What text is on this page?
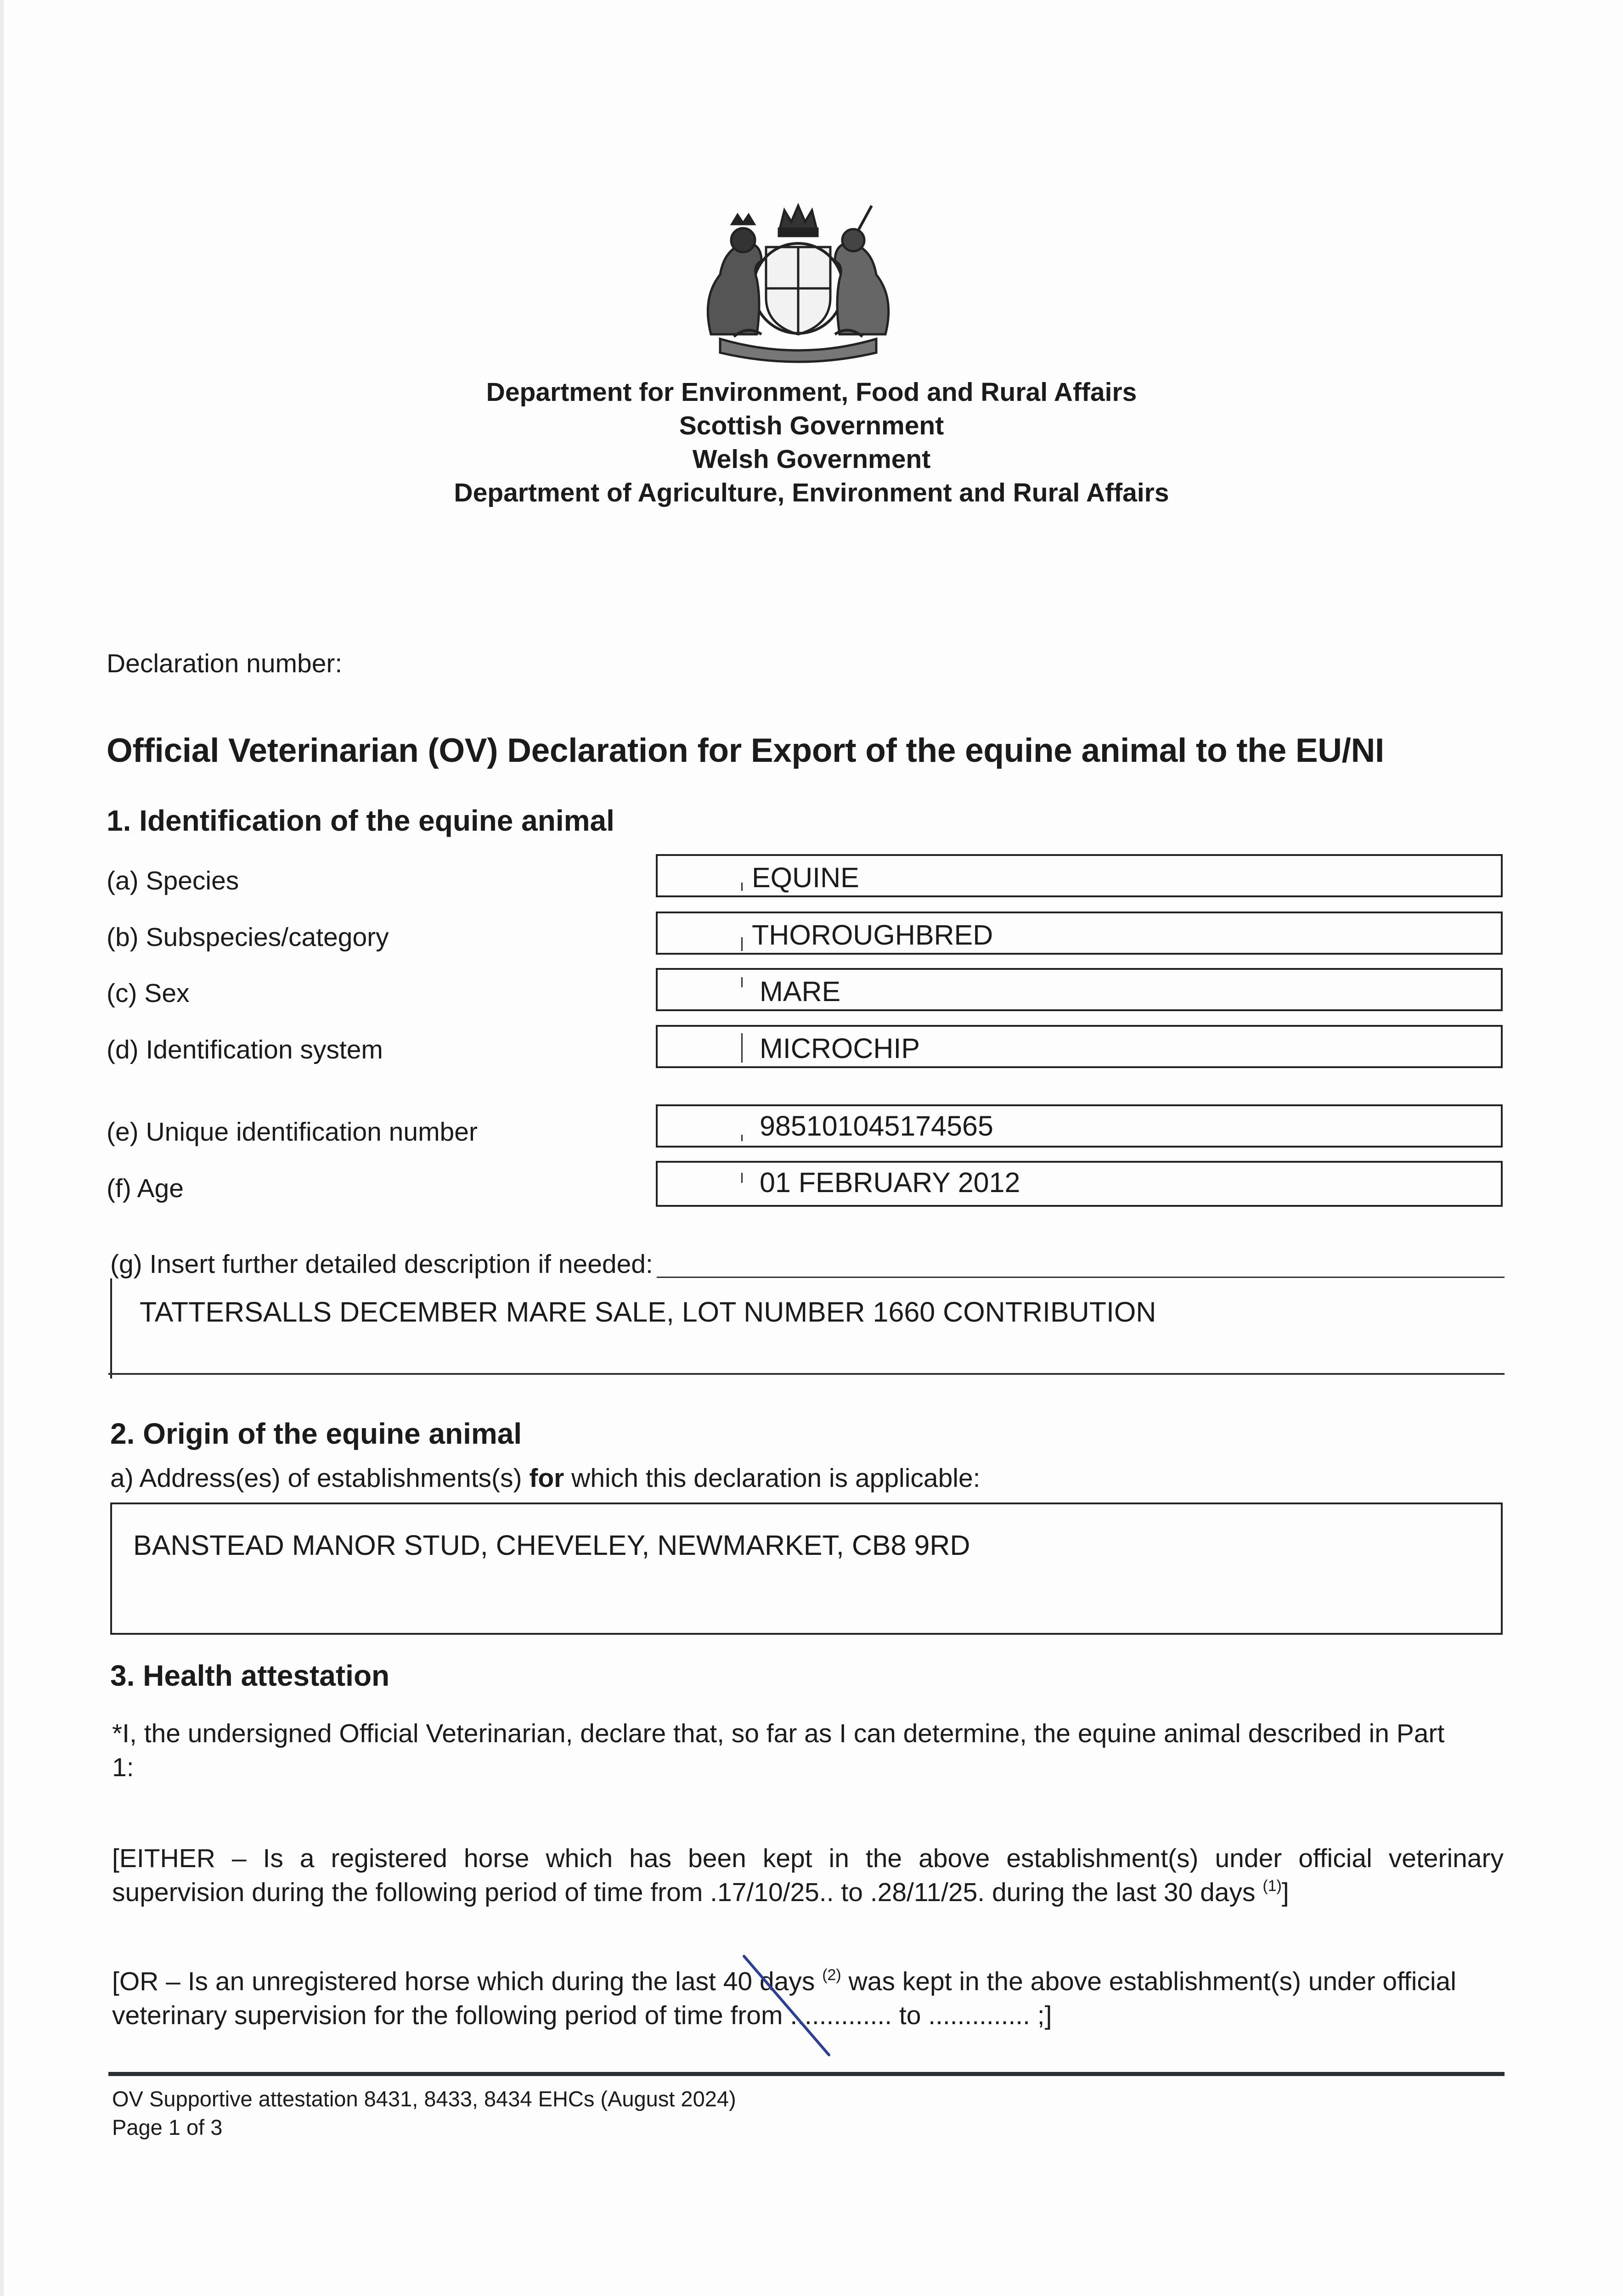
Department for Environment, Food and Rural Affairs
Scottish Government
Welsh Government
Department of Agriculture, Environment and Rural Affairs
Declaration number:
Official Veterinarian (OV) Declaration for Export of the equine animal to the EU/NI
1. Identification of the equine animal
(a) Species	EQUINE
(b) Subspecies/category	THOROUGHBRED
(c) Sex	MARE
(d) Identification system	MICROCHIP
(e) Unique identification number	985101045174565
(f) Age	01 FEBRUARY 2012
(g) Insert further detailed description if needed:
TATTERSALLS DECEMBER MARE SALE, LOT NUMBER 1660 CONTRIBUTION
2. Origin of the equine animal
a) Address(es) of establishments(s) for which this declaration is applicable:
BANSTEAD MANOR STUD, CHEVELEY, NEWMARKET, CB8 9RD
3. Health attestation
*I, the undersigned Official Veterinarian, declare that, so far as I can determine, the equine animal described in Part
1:
[EITHER – Is a registered horse which has been kept in the above establishment(s) under official veterinary
supervision during the following period of time from .17/10/25.. to .28/11/25. during the last 30 days $^{(1)}$]
[OR – Is an unregistered horse which during the last 40 days $^{(2)}$ was kept in the above establishment(s) under official
veterinary supervision for the following period of time from .............. to .............. ;]
OV Supportive attestation 8431, 8433, 8434 EHCs (August 2024)
Page 1 of 3
